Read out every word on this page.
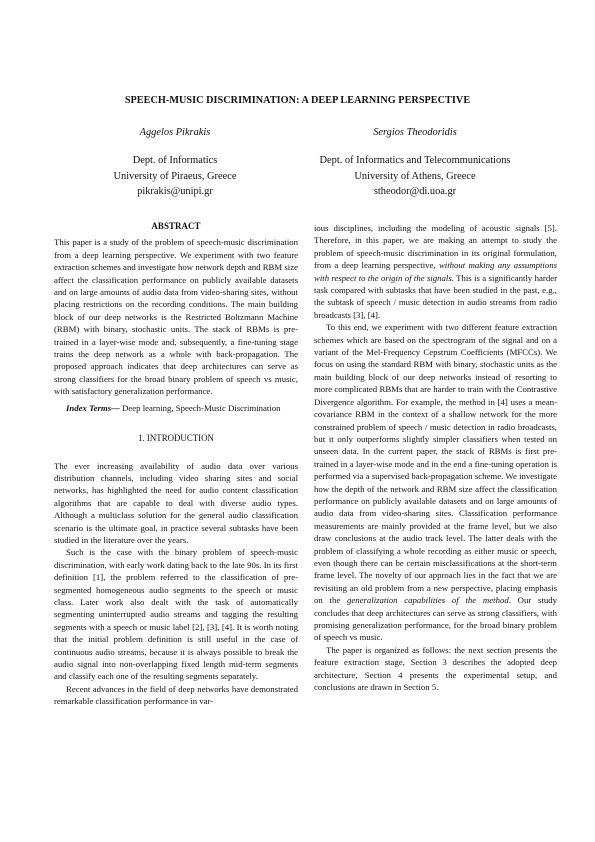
SPEECH-MUSIC DISCRIMINATION: A DEEP LEARNING PERSPECTIVE
Aggelos Pikrakis
Dept. of Informatics
University of Piraeus, Greece
pikrakis@unipi.gr
Sergios Theodoridis
Dept. of Informatics and Telecommunications
University of Athens, Greece
stheodor@di.uoa.gr
ABSTRACT

This paper is a study of the problem of speech-music discrimination from a deep learning perspective. We experiment with two feature extraction schemes and investigate how network depth and RBM size affect the classification performance on publicly available datasets and on large amounts of audio data from video-sharing sites, without placing restrictions on the recording conditions. The main building block of our deep networks is the Restricted Boltzmann Machine (RBM) with binary, stochastic units. The stack of RBMs is pre-trained in a layer-wise mode and, subsequently, a fine-tuning stage trains the deep network as a whole with back-propagation. The proposed approach indicates that deep architectures can serve as strong classifiers for the broad binary problem of speech vs music, with satisfactory generalization performance.

Index Terms— Deep learning, Speech-Music Discrimination

1. INTRODUCTION

The ever increasing availability of audio data over various distribution channels, including video sharing sites and social networks, has highlighted the need for audio content classification algorithms that are capable to deal with diverse audio types. Although a multiclass solution for the general audio classification scenario is the ultimate goal, in practice several subtasks have been studied in the literature over the years.

Such is the case with the binary problem of speech-music discrimination, with early work dating back to the late 90s. In its first definition [1], the problem referred to the classification of pre-segmented homogeneous audio segments to the speech or music class. Later work also dealt with the task of automatically segmenting uninterrupted audio streams and tagging the resulting segments with a speech or music label [2], [3], [4]. It is worth noting that the initial problem definition is still useful in the case of continuous audio streams, because it is always possible to break the audio signal into non-overlapping fixed length mid-term segments and classify each one of the resulting segments separately.

Recent advances in the field of deep networks have demonstrated remarkable classification performance in var-

ious disciplines, including the modeling of acoustic signals [5]. Therefore, in this paper, we are making an attempt to study the problem of speech-music discrimination in its original formulation, from a deep learning perspective, without making any assumptions with respect to the origin of the signals. This is a significantly harder task compared with subtasks that have been studied in the past, e.g., the subtask of speech / music detection in audio streams from radio broadcasts [3], [4].

To this end, we experiment with two different feature extraction schemes which are based on the spectrogram of the signal and on a variant of the Mel-Frequency Cepstrum Coefficients (MFCCs). We focus on using the standard RBM with binary, stochastic units as the main building block of our deep networks instead of resorting to more complicated RBMs that are harder to train with the Contrastive Divergence algorithm. For example, the method in [4] uses a mean-covariance RBM in the context of a shallow network for the more constrained problem of speech / music detection in radio broadcasts, but it only outperforms slightly simpler classifiers when tested on unseen data. In the current paper, the stack of RBMs is first pre-trained in a layer-wise mode and in the end a fine-tuning operation is performed via a supervised back-propagation scheme. We investigate how the depth of the network and RBM size affect the classification performance on publicly available datasets and on large amounts of audio data from video-sharing sites. Classification performance measurements are mainly provided at the frame level, but we also draw conclusions at the audio track level. The latter deals with the problem of classifying a whole recording as either music or speech, even though there can be certain misclassifications at the short-term frame level. The novelty of our approach lies in the fact that we are revisiting an old problem from a new perspective, placing emphasis on the generalization capabilities of the method. Our study concludes that deep architectures can serve as strong classifiers, with promising generalization performance, for the broad binary problem of speech vs music.

The paper is organized as follows: the next section presents the feature extraction stage, Section 3 describes the adopted deep architecture, Section 4 presents the experimental setup, and conclusions are drawn in Section 5.
